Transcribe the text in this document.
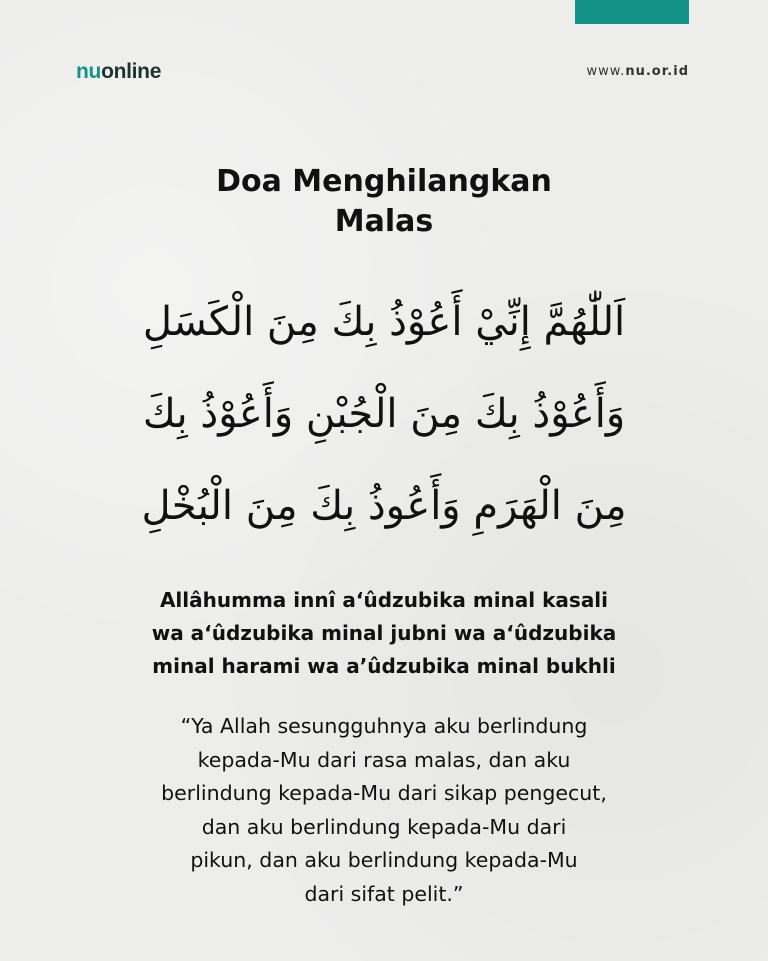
nuonline	www.nu.or.id
Doa Menghilangkan
Malas
اَللّٰهُمَّ إِنِّيْ أَعُوْذُ بِكَ مِنَ الْكَسَلِ
وَأَعُوْذُ بِكَ مِنَ الْجُبْنِ وَأَعُوْذُ بِكَ
مِنَ الْهَرَمِ وَأَعُوذُ بِكَ مِنَ الْبُخْلِ
Allâhumma innî a‘ûdzubika minal kasali
wa a‘ûdzubika minal jubni wa a‘ûdzubika
minal harami wa a’ûdzubika minal bukhli
“Ya Allah sesungguhnya aku berlindung
kepada-Mu dari rasa malas, dan aku
berlindung kepada-Mu dari sikap pengecut,
dan aku berlindung kepada-Mu dari
pikun, dan aku berlindung kepada-Mu
dari sifat pelit.”
